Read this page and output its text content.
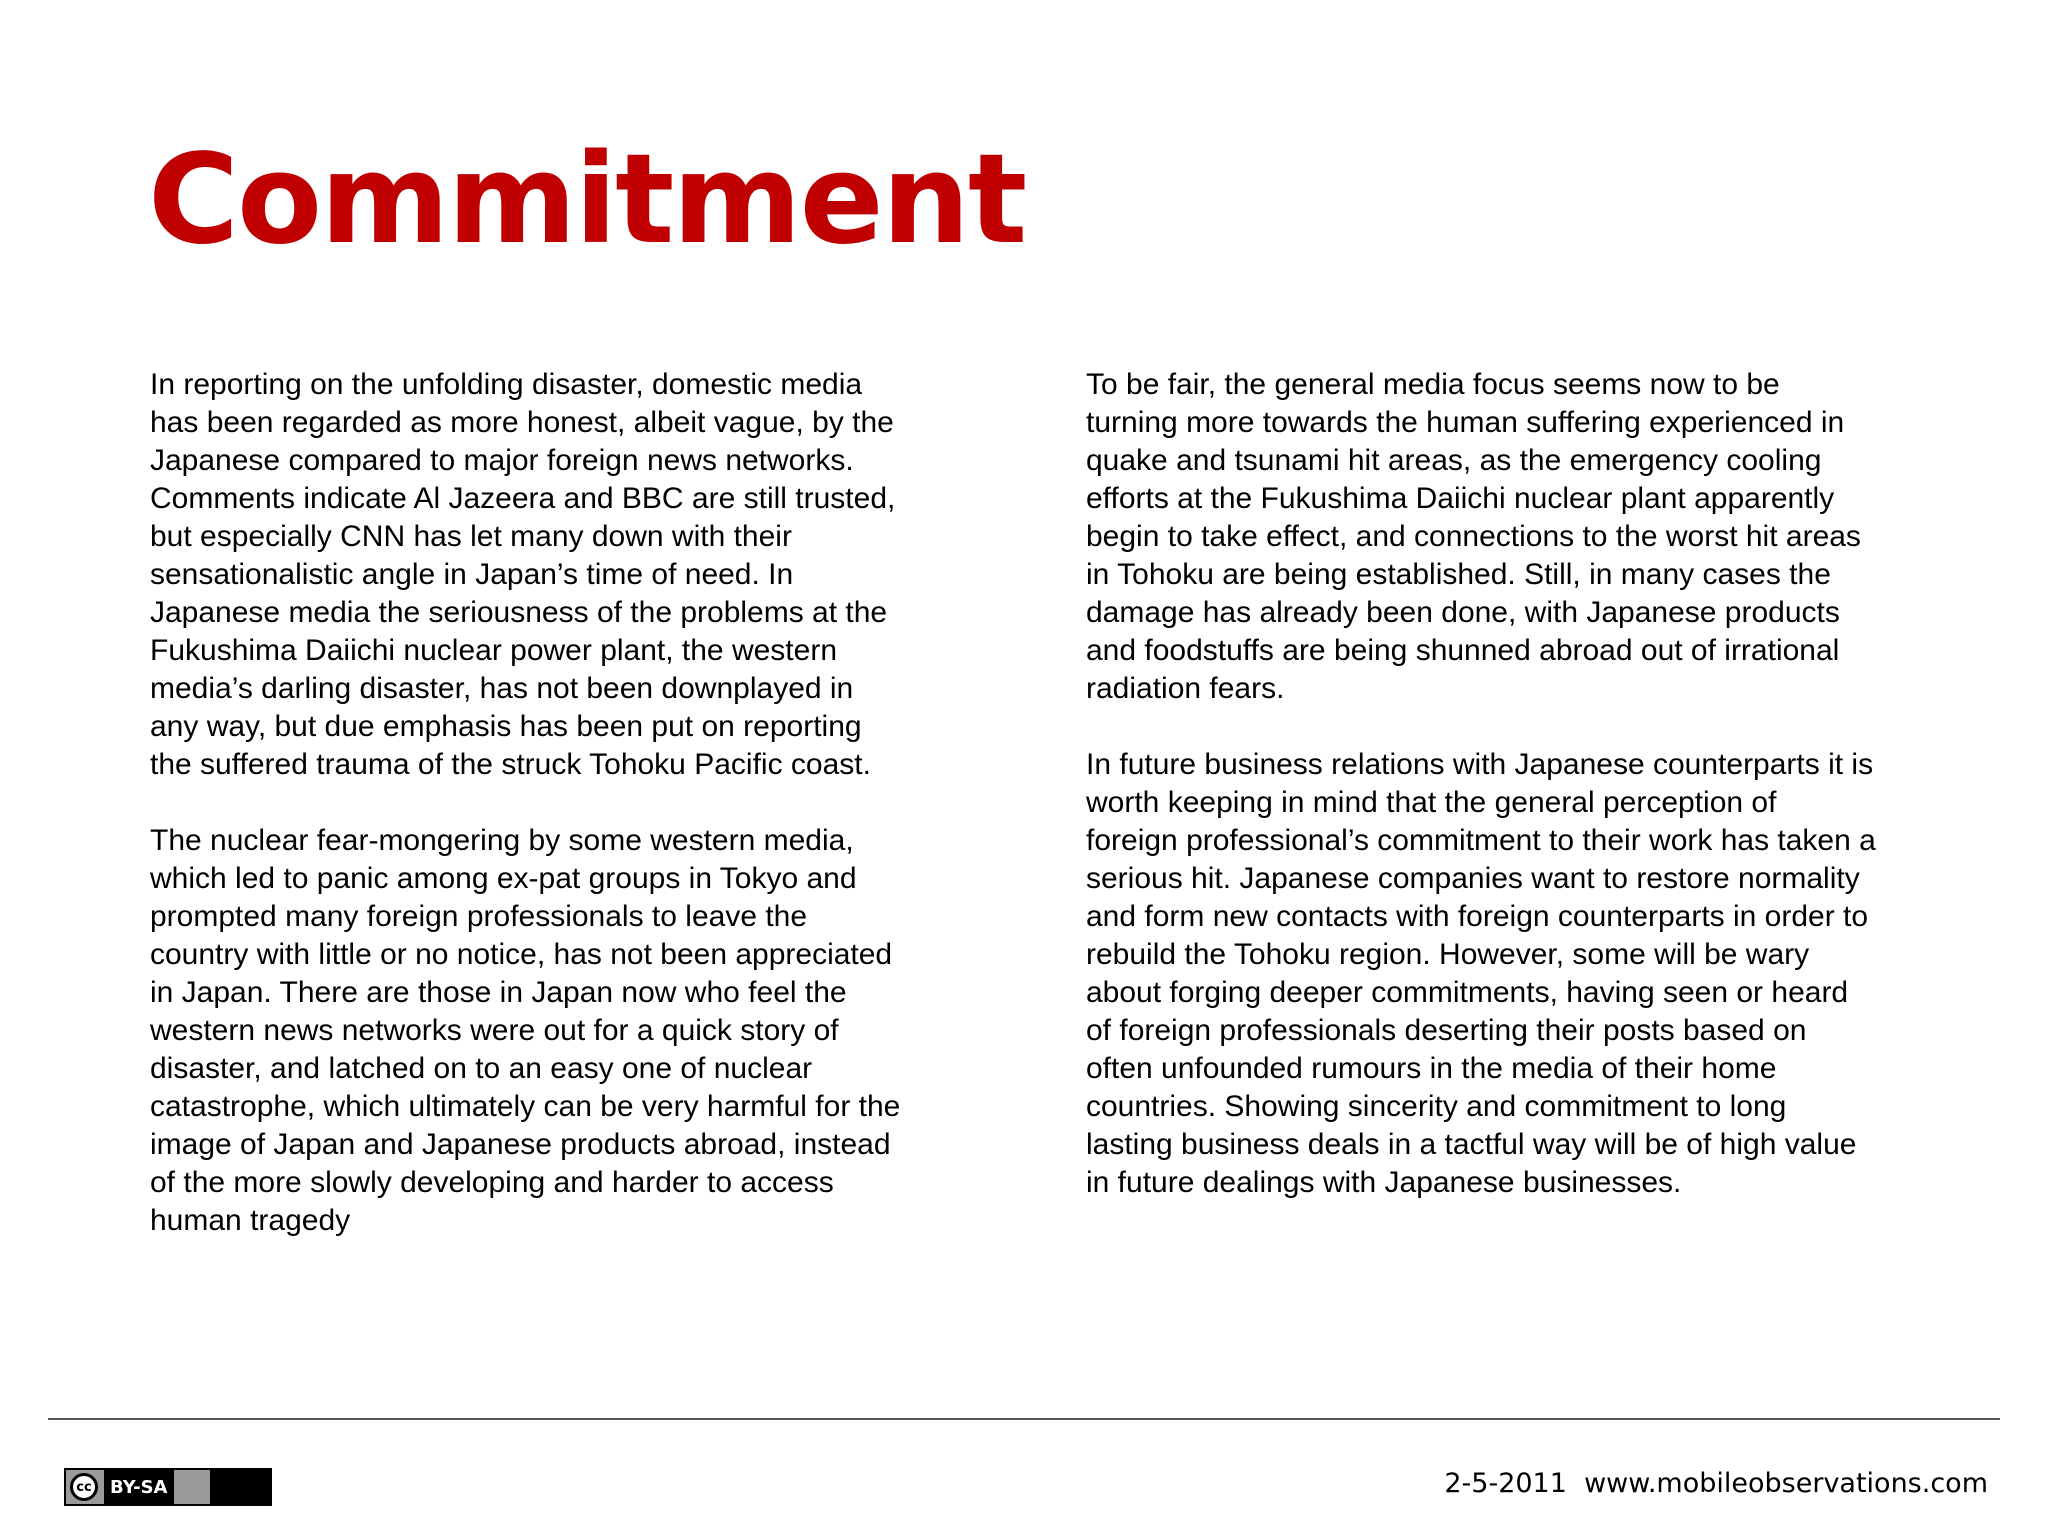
Commitment

In reporting on the unfolding disaster, domestic media
has been regarded as more honest, albeit vague, by the
Japanese compared to major foreign news networks.
Comments indicate Al Jazeera and BBC are still trusted,
but especially CNN has let many down with their
sensationalistic angle in Japan’s time of need. In
Japanese media the seriousness of the problems at the
Fukushima Daiichi nuclear power plant, the western
media’s darling disaster, has not been downplayed in
any way, but due emphasis has been put on reporting
the suffered trauma of the struck Tohoku Pacific coast.

The nuclear fear-mongering by some western media,
which led to panic among ex-pat groups in Tokyo and
prompted many foreign professionals to leave the
country with little or no notice, has not been appreciated
in Japan. There are those in Japan now who feel the
western news networks were out for a quick story of
disaster, and latched on to an easy one of nuclear
catastrophe, which ultimately can be very harmful for the
image of Japan and Japanese products abroad, instead
of the more slowly developing and harder to access
human tragedy

To be fair, the general media focus seems now to be
turning more towards the human suffering experienced in
quake and tsunami hit areas, as the emergency cooling
efforts at the Fukushima Daiichi nuclear plant apparently
begin to take effect, and connections to the worst hit areas
in Tohoku are being established. Still, in many cases the
damage has already been done, with Japanese products
and foodstuffs are being shunned abroad out of irrational
radiation fears.

In future business relations with Japanese counterparts it is
worth keeping in mind that the general perception of
foreign professional’s commitment to their work has taken a
serious hit. Japanese companies want to restore normality
and form new contacts with foreign counterparts in order to
rebuild the Tohoku region. However, some will be wary
about forging deeper commitments, having seen or heard
of foreign professionals deserting their posts based on
often unfounded rumours in the media of their home
countries. Showing sincerity and commitment to long
lasting business deals in a tactful way will be of high value
in future dealings with Japanese businesses.

cc	BY-SA	2-5-2011  www.mobileobservations.com
